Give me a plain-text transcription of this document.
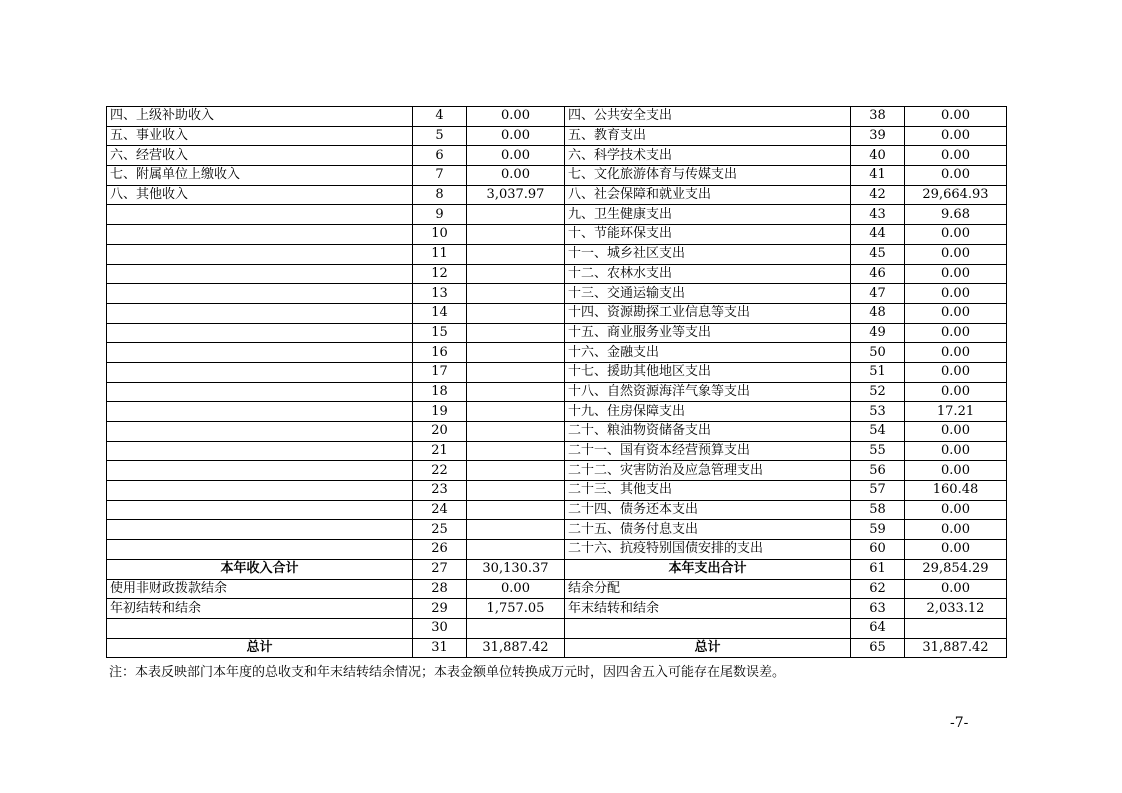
四、上级补助收入	4	0.00	四、公共安全支出	38	0.00
五、事业收入	5	0.00	五、教育支出	39	0.00
六、经营收入	6	0.00	六、科学技术支出	40	0.00
七、附属单位上缴收入	7	0.00	七、文化旅游体育与传媒支出	41	0.00
八、其他收入	8	3,037.97	八、社会保障和就业支出	42	29,664.93
	9		九、卫生健康支出	43	9.68
	10		十、节能环保支出	44	0.00
	11		十一、城乡社区支出	45	0.00
	12		十二、农林水支出	46	0.00
	13		十三、交通运输支出	47	0.00
	14		十四、资源勘探工业信息等支出	48	0.00
	15		十五、商业服务业等支出	49	0.00
	16		十六、金融支出	50	0.00
	17		十七、援助其他地区支出	51	0.00
	18		十八、自然资源海洋气象等支出	52	0.00
	19		十九、住房保障支出	53	17.21
	20		二十、粮油物资储备支出	54	0.00
	21		二十一、国有资本经营预算支出	55	0.00
	22		二十二、灾害防治及应急管理支出	56	0.00
	23		二十三、其他支出	57	160.48
	24		二十四、债务还本支出	58	0.00
	25		二十五、债务付息支出	59	0.00
	26		二十六、抗疫特别国债安排的支出	60	0.00
本年收入合计	27	30,130.37	本年支出合计	61	29,854.29
使用非财政拨款结余	28	0.00	结余分配	62	0.00
年初结转和结余	29	1,757.05	年末结转和结余	63	2,033.12
	30			64	
总计	31	31,887.42	总计	65	31,887.42
注：本表反映部门本年度的总收支和年末结转结余情况；本表金额单位转换成万元时，因四舍五入可能存在尾数误差。
-7-
